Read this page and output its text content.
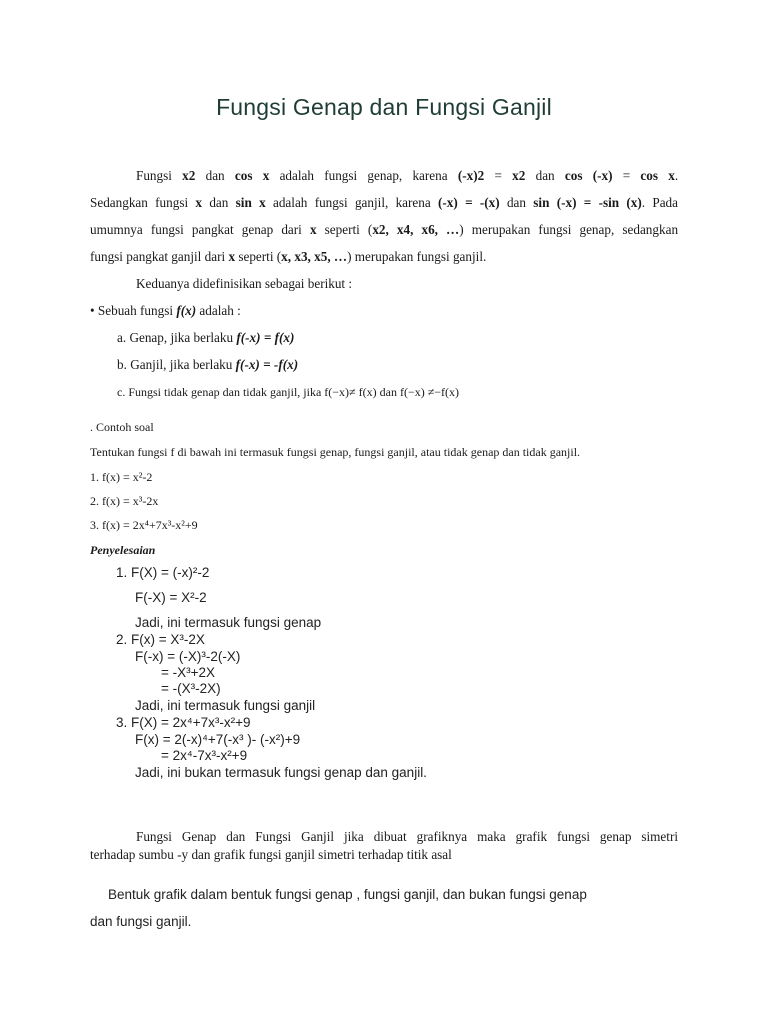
Fungsi Genap dan Fungsi Ganjil
Fungsi x2 dan cos x adalah fungsi genap, karena (-x)2 = x2 dan cos (-x) = cos x.
Sedangkan fungsi x dan sin x adalah fungsi ganjil, karena (-x) = -(x) dan sin (-x) = -sin (x). Pada
umumnya fungsi pangkat genap dari x seperti (x2, x4, x6, …) merupakan fungsi genap, sedangkan
fungsi pangkat ganjil dari x seperti (x, x3, x5, …) merupakan fungsi ganjil.
Keduanya didefinisikan sebagai berikut :
• Sebuah fungsi f(x) adalah :
a. Genap, jika berlaku f(-x) = f(x)
b. Ganjil, jika berlaku f(-x) = -f(x)
c. Fungsi tidak genap dan tidak ganjil, jika f(−x)≠ f(x) dan f(−x) ≠−f(x)
. Contoh soal
Tentukan fungsi f di bawah ini termasuk fungsi genap, fungsi ganjil, atau tidak genap dan tidak ganjil.
1. f(x) = x²-2
2. f(x) = x³-2x
3. f(x) = 2x⁴+7x³-x²+9
Penyelesaian
1. F(X) = (-x)²-2
F(-X) = X²-2
Jadi, ini termasuk fungsi genap
2. F(x) = X³-2X
F(-x) = (-X)³-2(-X)
= -X³+2X
= -(X³-2X)
Jadi, ini termasuk fungsi ganjil
3. F(X) = 2x⁴+7x³-x²+9
F(x) = 2(-x)⁴+7(-x³ )- (-x²)+9
= 2x⁴-7x³-x²+9
Jadi, ini bukan termasuk fungsi genap dan ganjil.
Fungsi Genap dan Fungsi Ganjil jika dibuat grafiknya maka grafik fungsi genap simetri
terhadap sumbu -y dan grafik fungsi ganjil simetri terhadap titik asal
Bentuk grafik dalam bentuk fungsi genap , fungsi ganjil, dan bukan fungsi genap
dan fungsi ganjil.
